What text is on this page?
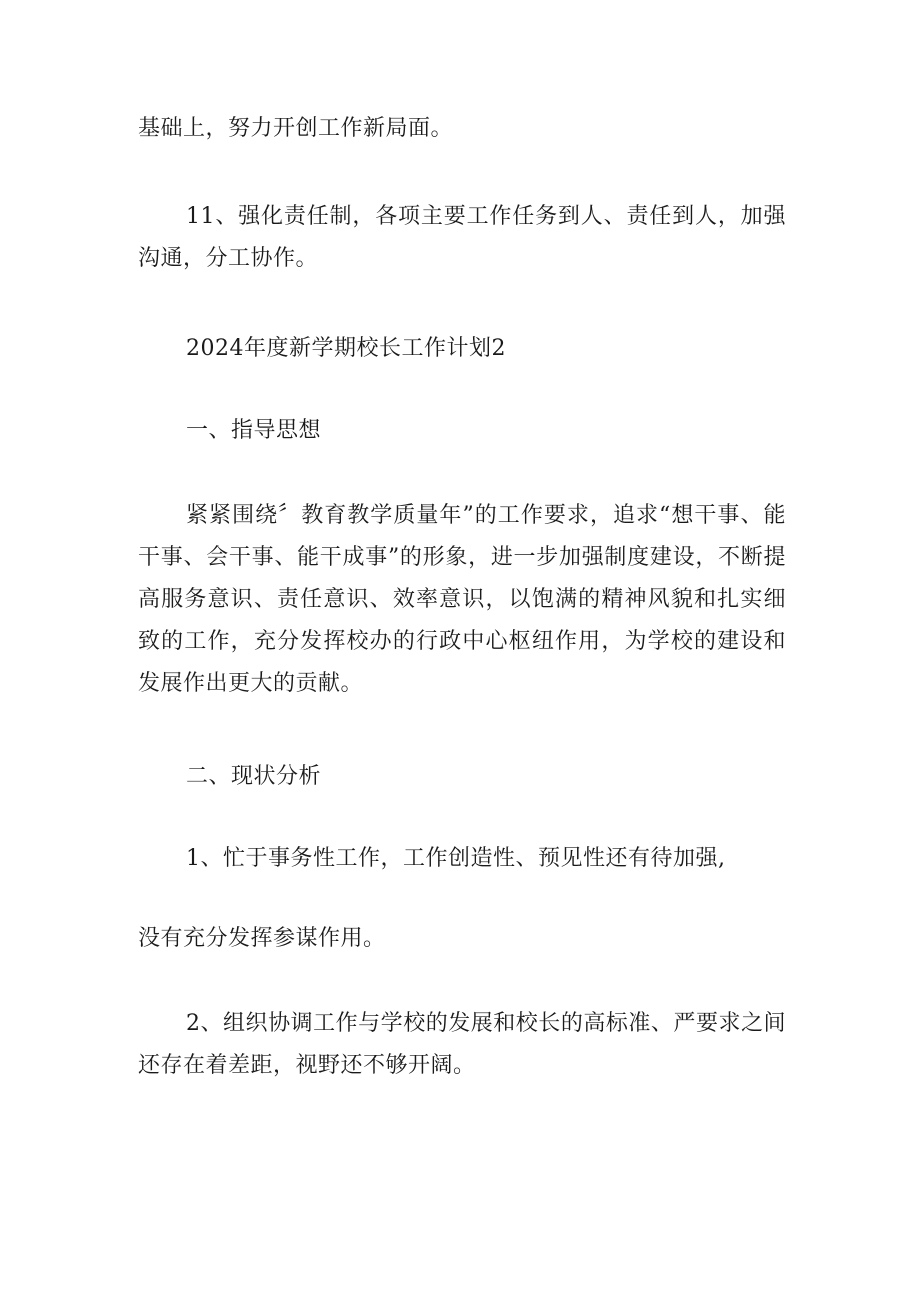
基础上，努力开创工作新局面。
11、强化责任制，各项主要工作任务到人、责任到人，加强沟通，分工协作。
2024年度新学期校长工作计划2
一、指导思想
紧紧围绕〞教育教学质量年”的工作要求，追求“想干事、能干事、会干事、能干成事”的形象，进一步加强制度建设，不断提高服务意识、责任意识、效率意识，以饱满的精神风貌和扎实细致的工作，充分发挥校办的行政中心枢纽作用，为学校的建设和发展作出更大的贡献。
二、现状分析
1、忙于事务性工作，工作创造性、预见性还有待加强,
没有充分发挥参谋作用。
2、组织协调工作与学校的发展和校长的高标准、严要求之间还存在着差距，视野还不够开阔。
